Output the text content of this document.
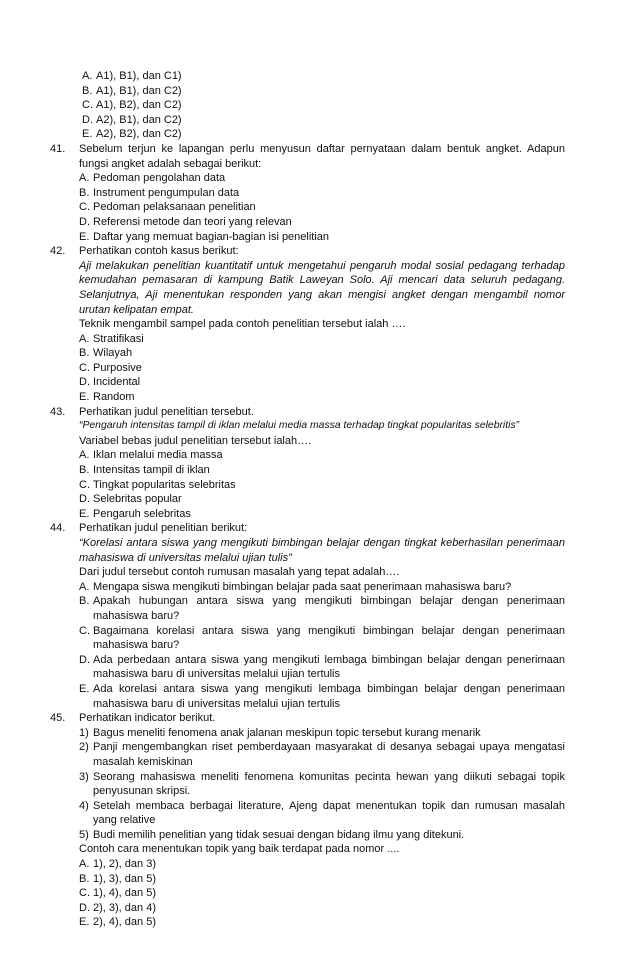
A. A1), B1), dan C1)
B. A1), B1), dan C2)
C. A1), B2), dan C2)
D. A2), B1), dan C2)
E. A2), B2), dan C2)
41. Sebelum terjun ke lapangan perlu menyusun daftar pernyataan dalam bentuk angket. Adapun fungsi angket adalah sebagai berikut:
A. Pedoman pengolahan data
B. Instrument pengumpulan data
C. Pedoman pelaksanaan penelitian
D. Referensi metode dan teori yang relevan
E. Daftar yang memuat bagian-bagian isi penelitian
42. Perhatikan contoh kasus berikut:
Aji melakukan penelitian kuantitatif untuk mengetahui pengaruh modal sosial pedagang terhadap kemudahan pemasaran di kampung Batik Laweyan Solo. Aji mencari data seluruh pedagang. Selanjutnya, Aji menentukan responden yang akan mengisi angket dengan mengambil nomor urutan kelipatan empat.
Teknik mengambil sampel pada contoh penelitian tersebut ialah ….
A. Stratifikasi
B. Wilayah
C. Purposive
D. Incidental
E. Random
43. Perhatikan judul penelitian tersebut.
“Pengaruh intensitas tampil di iklan melalui media massa terhadap tingkat popularitas selebritis”
Variabel bebas judul penelitian tersebut ialah….
A. Iklan melalui media massa
B. Intensitas tampil di iklan
C. Tingkat popularitas selebritas
D. Selebritas popular
E. Pengaruh selebritas
44. Perhatikan judul penelitian berikut:
“Korelasi antara siswa yang mengikuti bimbingan belajar dengan tingkat keberhasilan penerimaan mahasiswa di universitas melalui ujian tulis”
Dari judul tersebut contoh rumusan masalah yang tepat adalah….
A. Mengapa siswa mengikuti bimbingan belajar pada saat penerimaan mahasiswa baru?
B. Apakah hubungan antara siswa yang mengikuti bimbingan belajar dengan penerimaan mahasiswa baru?
C. Bagaimana korelasi antara siswa yang mengikuti bimbingan belajar dengan penerimaan mahasiswa baru?
D. Ada perbedaan antara siswa yang mengikuti lembaga bimbingan belajar dengan penerimaan mahasiswa baru di universitas melalui ujian tertulis
E. Ada korelasi antara siswa yang mengikuti lembaga bimbingan belajar dengan penerimaan mahasiswa baru di universitas melalui ujian tertulis
45. Perhatikan indicator berikut.
1) Bagus meneliti fenomena anak jalanan meskipun topic tersebut kurang menarik
2) Panji mengembangkan riset pemberdayaan masyarakat di desanya sebagai upaya mengatasi masalah kemiskinan
3) Seorang mahasiswa meneliti fenomena komunitas pecinta hewan yang diikuti sebagai topik penyusunan skripsi.
4) Setelah membaca berbagai literature, Ajeng dapat menentukan topik dan rumusan masalah yang relative
5) Budi memilih penelitian yang tidak sesuai dengan bidang ilmu yang ditekuni.
Contoh cara menentukan topik yang baik terdapat pada nomor ....
A. 1), 2), dan 3)
B. 1), 3), dan 5)
C. 1), 4), dan 5)
D. 2), 3), dan 4)
E. 2), 4), dan 5)
